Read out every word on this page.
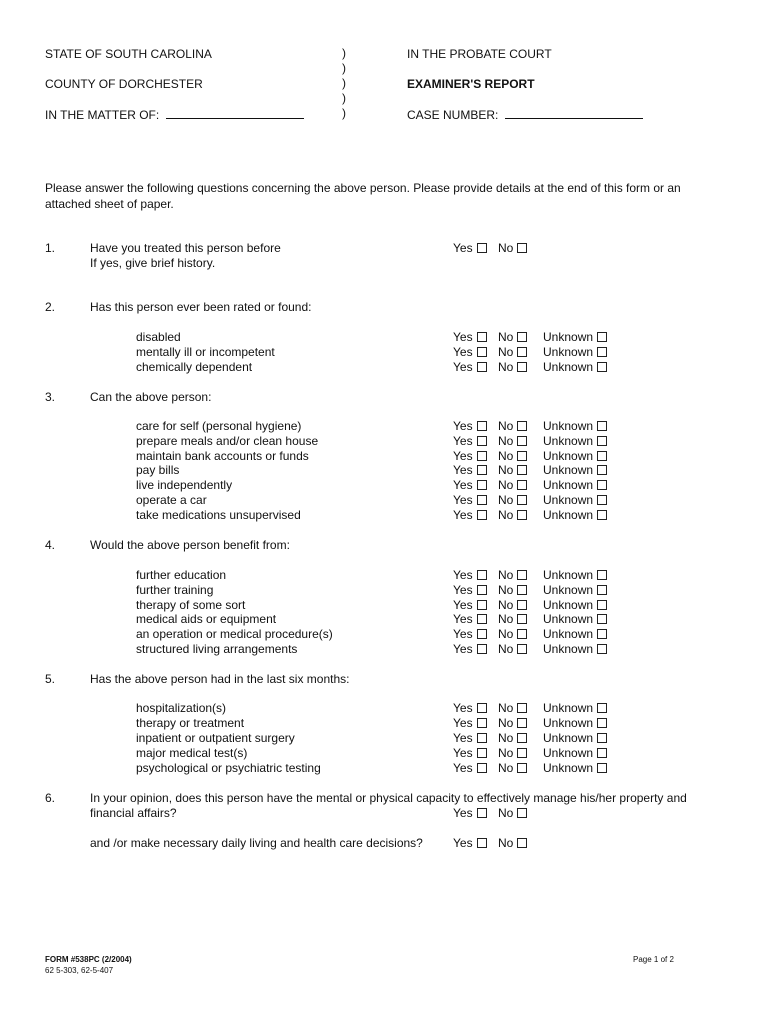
STATE OF SOUTH CAROLINA
COUNTY OF DORCHESTER
IN THE MATTER OF:
)
)
)
)
)
IN THE PROBATE COURT
EXAMINER'S REPORT
CASE NUMBER:
Please answer the following questions concerning the above person. Please provide details at the end of this form or an
attached sheet of paper.
1.	Have you treated this person before
If yes, give brief history.
Yes	No
2.	Has this person ever been rated or found:
disabled	Yes	No	Unknown
mentally ill or incompetent	Yes	No	Unknown
chemically dependent	Yes	No	Unknown
3.	Can the above person:
care for self (personal hygiene)	Yes	No	Unknown
prepare meals and/or clean house	Yes	No	Unknown
maintain bank accounts or funds	Yes	No	Unknown
pay bills	Yes	No	Unknown
live independently	Yes	No	Unknown
operate a car	Yes	No	Unknown
take medications unsupervised	Yes	No	Unknown
4.	Would the above person benefit from:
further education	Yes	No	Unknown
further training	Yes	No	Unknown
therapy of some sort	Yes	No	Unknown
medical aids or equipment	Yes	No	Unknown
an operation or medical procedure(s)	Yes	No	Unknown
structured living arrangements	Yes	No	Unknown
5.	Has the above person had in the last six months:
hospitalization(s)	Yes	No	Unknown
therapy or treatment	Yes	No	Unknown
inpatient or outpatient surgery	Yes	No	Unknown
major medical test(s)	Yes	No	Unknown
psychological or psychiatric testing	Yes	No	Unknown
6.	In your opinion, does this person have the mental or physical capacity to effectively manage his/her property and
financial affairs?	Yes	No
and /or make necessary daily living and health care decisions?	Yes	No
FORM #538PC (2/2004)
62 5-303, 62-5-407
Page 1 of 2
